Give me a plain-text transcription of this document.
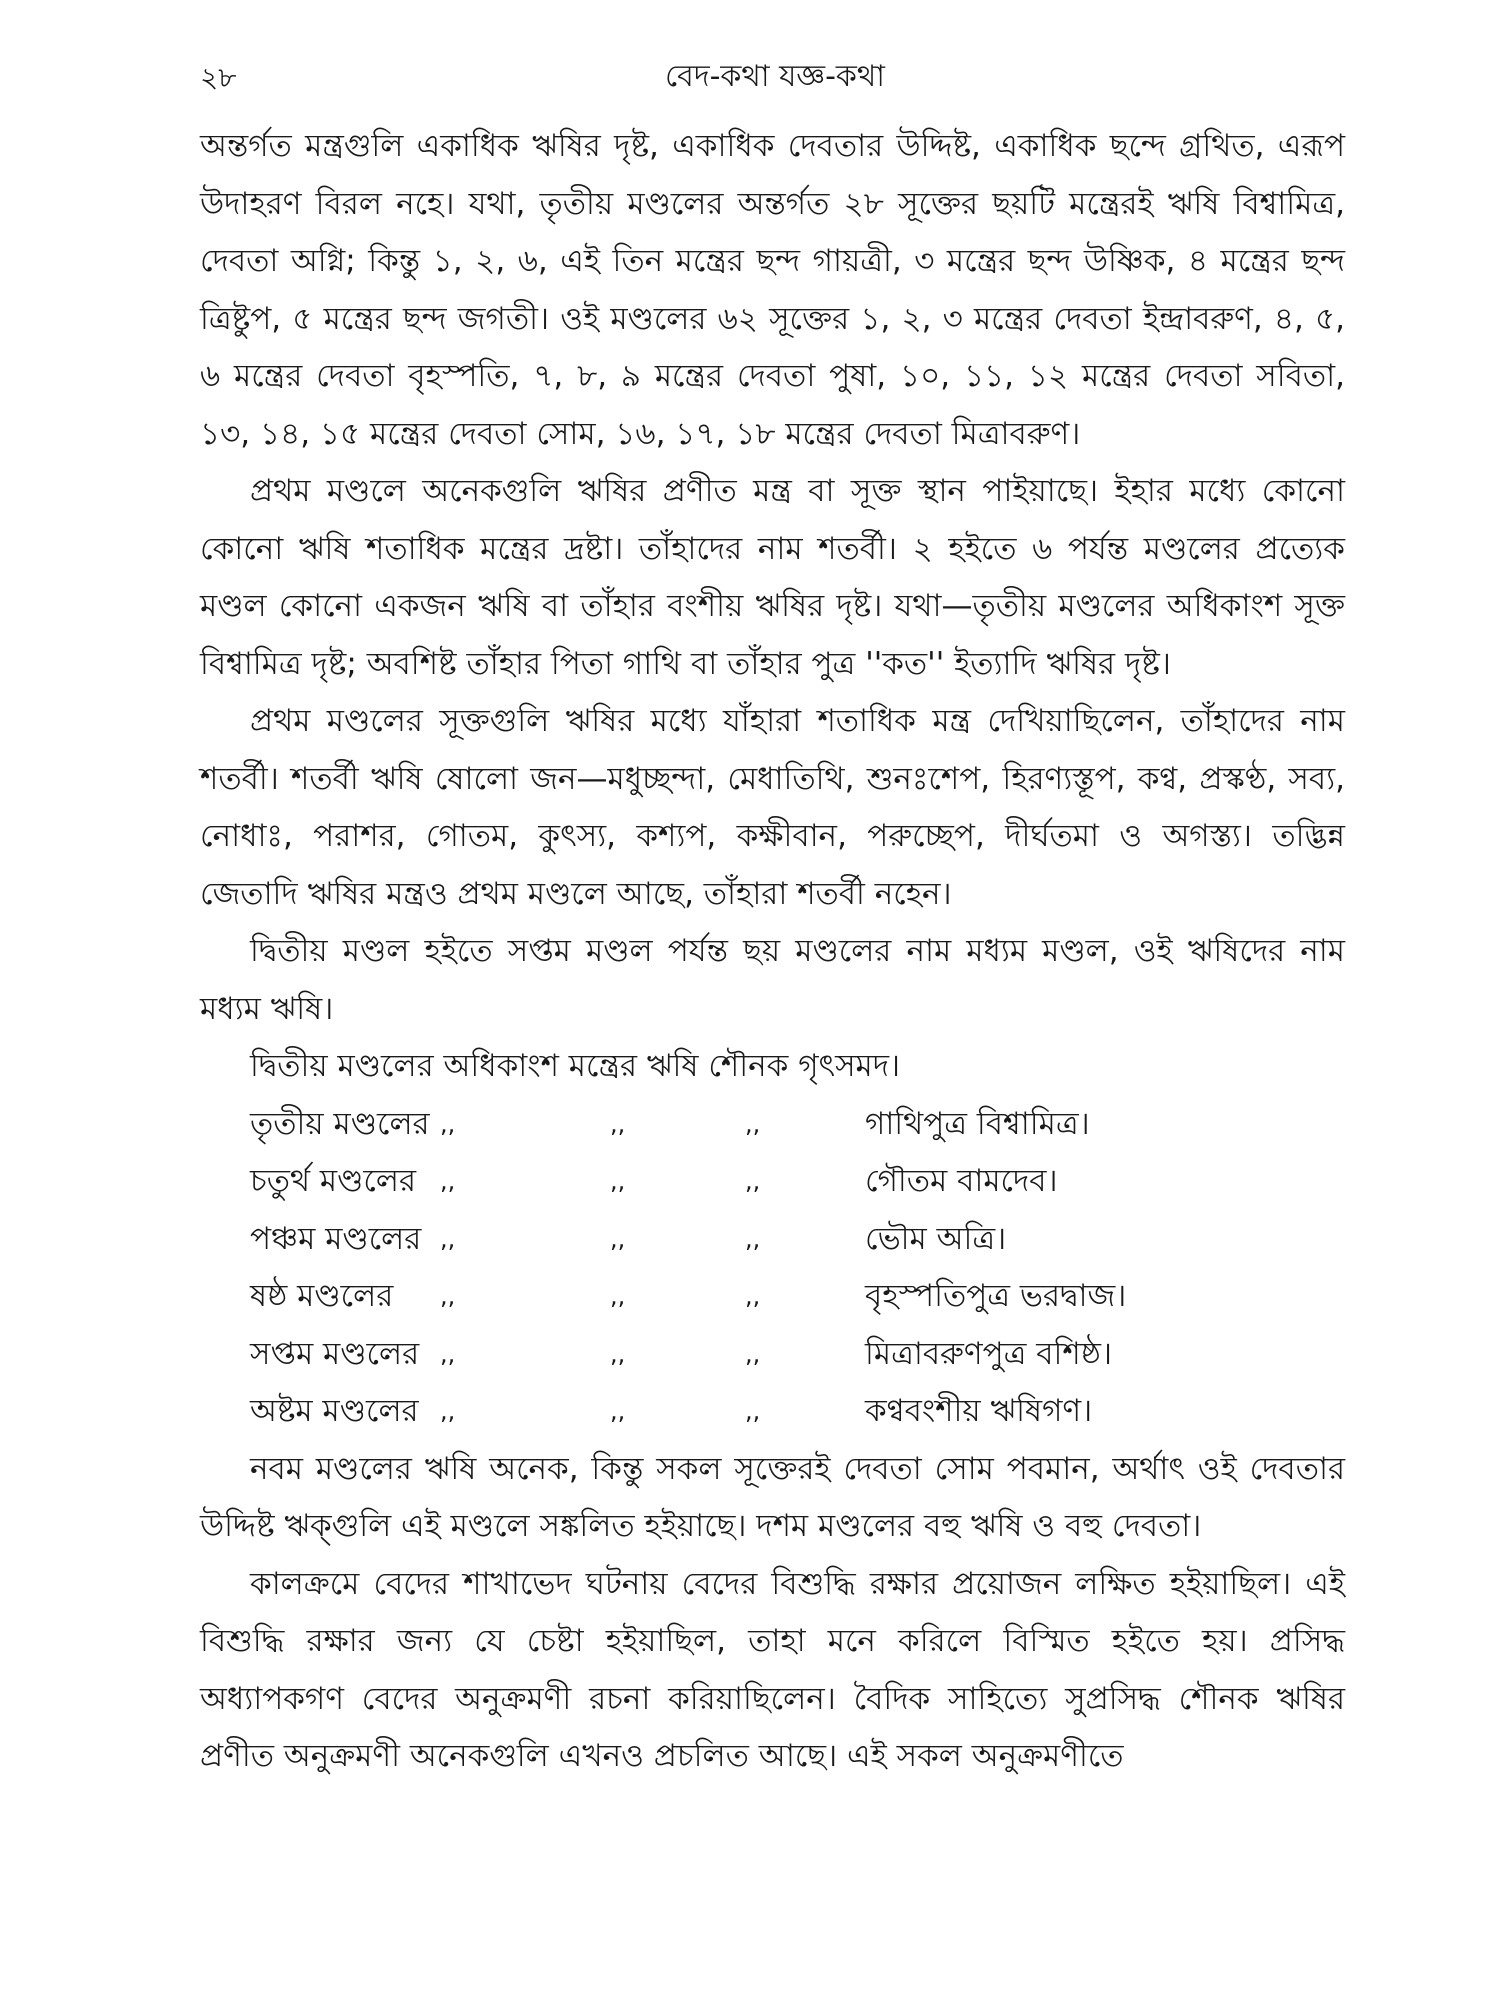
২৮	বেদ-কথা যজ্ঞ-কথা

অন্তর্গত মন্ত্রগুলি একাধিক ঋষির দৃষ্ট, একাধিক দেবতার উদ্দিষ্ট, একাধিক ছন্দে গ্রথিত, এরূপ উদাহরণ বিরল নহে। যথা, তৃতীয় মণ্ডলের অন্তর্গত ২৮ সূক্তের ছয়টি মন্ত্রেরই ঋষি বিশ্বামিত্র, দেবতা অগ্নি; কিন্তু ১, ২, ৬, এই তিন মন্ত্রের ছন্দ গায়ত্রী, ৩ মন্ত্রের ছন্দ উষ্ণিক, ৪ মন্ত্রের ছন্দ ত্রিষ্টুপ, ৫ মন্ত্রের ছন্দ জগতী। ওই মণ্ডলের ৬২ সূক্তের ১, ২, ৩ মন্ত্রের দেবতা ইন্দ্রাবরুণ, ৪, ৫, ৬ মন্ত্রের দেবতা বৃহস্পতি, ৭, ৮, ৯ মন্ত্রের দেবতা পুষা, ১০, ১১, ১২ মন্ত্রের দেবতা সবিতা, ১৩, ১৪, ১৫ মন্ত্রের দেবতা সোম, ১৬, ১৭, ১৮ মন্ত্রের দেবতা মিত্রাবরুণ।

প্রথম মণ্ডলে অনেকগুলি ঋষির প্রণীত মন্ত্র বা সূক্ত স্থান পাইয়াছে। ইহার মধ্যে কোনো কোনো ঋষি শতাধিক মন্ত্রের দ্রষ্টা। তাঁহাদের নাম শতর্বী। ২ হইতে ৬ পর্যন্ত মণ্ডলের প্রত্যেক মণ্ডল কোনো একজন ঋষি বা তাঁহার বংশীয় ঋষির দৃষ্ট। যথা—তৃতীয় মণ্ডলের অধিকাংশ সূক্ত বিশ্বামিত্র দৃষ্ট; অবশিষ্ট তাঁহার পিতা গাথি বা তাঁহার পুত্র ''কত'' ইত্যাদি ঋষির দৃষ্ট।

প্রথম মণ্ডলের সূক্তগুলি ঋষির মধ্যে যাঁহারা শতাধিক মন্ত্র দেখিয়াছিলেন, তাঁহাদের নাম শতর্বী। শতর্বী ঋষি ষোলো জন—মধুচ্ছন্দা, মেধাতিথি, শুনঃশেপ, হিরণ্যস্তূপ, কণ্ব, প্রস্কণ্ঠ, সব্য, নোধাঃ, পরাশর, গোতম, কুৎস্য, কশ্যপ, কক্ষীবান, পরুচ্ছেপ, দীর্ঘতমা ও অগস্ত্য। তদ্ভিন্ন জেতাদি ঋষির মন্ত্রও প্রথম মণ্ডলে আছে, তাঁহারা শতর্বী নহেন।

দ্বিতীয় মণ্ডল হইতে সপ্তম মণ্ডল পর্যন্ত ছয় মণ্ডলের নাম মধ্যম মণ্ডল, ওই ঋষিদের নাম মধ্যম ঋষি।

দ্বিতীয় মণ্ডলের অধিকাংশ মন্ত্রের ঋষি শৌনক গৃৎসমদ।

তৃতীয় মণ্ডলের ,,	,,	,,	গাথিপুত্র বিশ্বামিত্র।
চতুর্থ মণ্ডলের ,,	,,	,,	গৌতম বামদেব।
পঞ্চম মণ্ডলের ,,	,,	,,	ভৌম অত্রি।
ষষ্ঠ মণ্ডলের ,,	,,	,,	বৃহস্পতিপুত্র ভরদ্বাজ।
সপ্তম মণ্ডলের ,,	,,	,,	মিত্রাবরুণপুত্র বশিষ্ঠ।
অষ্টম মণ্ডলের ,,	,,	,,	কণ্ববংশীয় ঋষিগণ।

নবম মণ্ডলের ঋষি অনেক, কিন্তু সকল সূক্তেরই দেবতা সোম পবমান, অর্থাৎ ওই দেবতার উদ্দিষ্ট ঋক্‌গুলি এই মণ্ডলে সঙ্কলিত হইয়াছে। দশম মণ্ডলের বহু ঋষি ও বহু দেবতা।

কালক্রমে বেদের শাখাভেদ ঘটনায় বেদের বিশুদ্ধি রক্ষার প্রয়োজন লক্ষিত হইয়াছিল। এই বিশুদ্ধি রক্ষার জন্য যে চেষ্টা হইয়াছিল, তাহা মনে করিলে বিস্মিত হইতে হয়। প্রসিদ্ধ অধ্যাপকগণ বেদের অনুক্রমণী রচনা করিয়াছিলেন। বৈদিক সাহিত্যে সুপ্রসিদ্ধ শৌনক ঋষির প্রণীত অনুক্রমণী অনেকগুলি এখনও প্রচলিত আছে। এই সকল অনুক্রমণীতে
